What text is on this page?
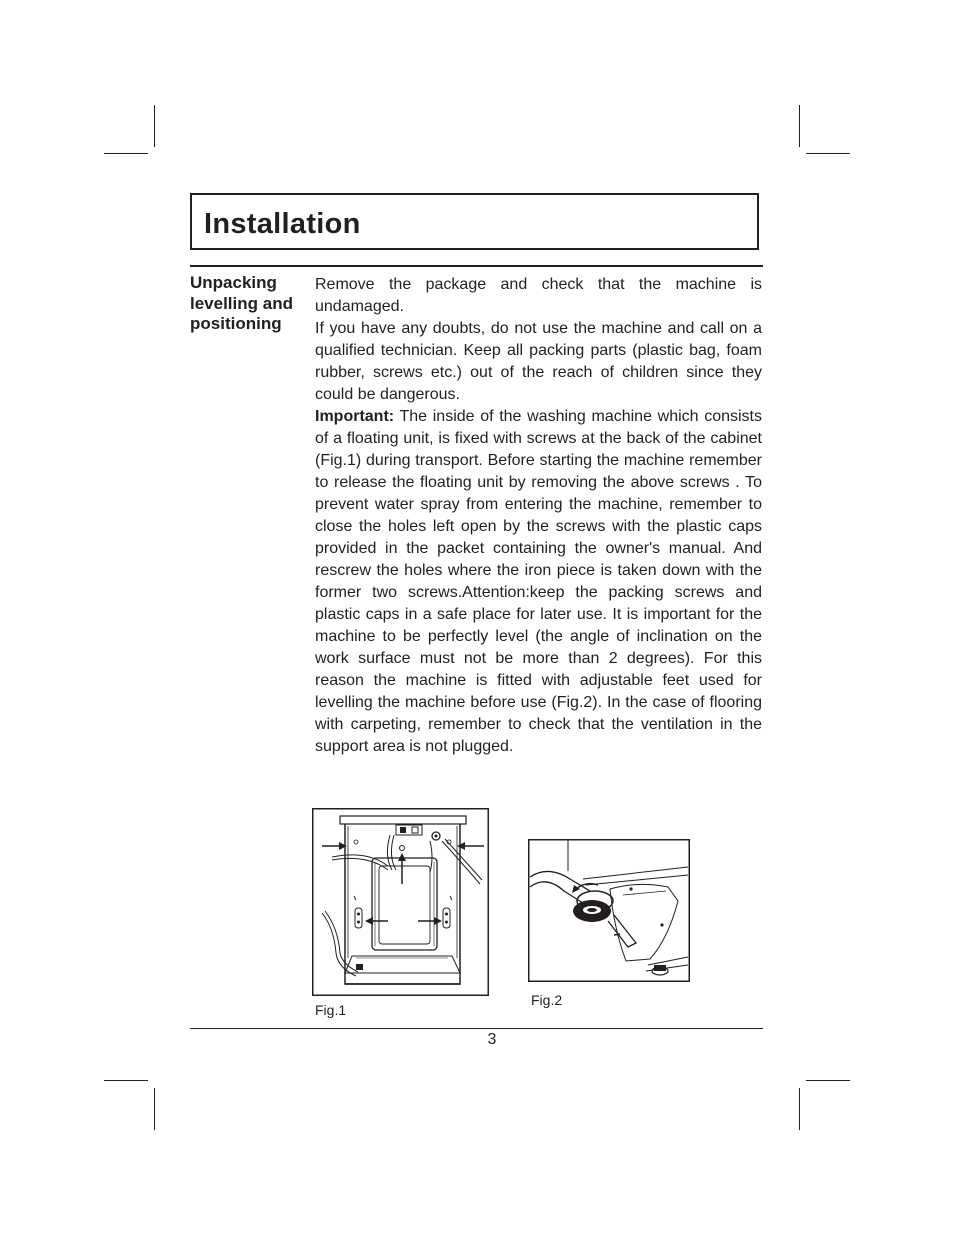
Installation
Unpacking
levelling and
positioning

Remove the package and check that the machine is undamaged.

If you have any doubts, do not use the machine and call on a qualified technician. Keep all packing parts (plastic bag, foam rubber, screws etc.) out of the reach of children since they could be dangerous.

Important: The inside of the washing machine which consists of a floating unit, is fixed with screws at the back of the cabinet (Fig.1) during transport. Before starting the machine remember to release the floating unit by removing the above screws . To prevent water spray from entering the machine, remember to close the holes left open by the screws with the plastic caps provided in the packet containing the owner's manual. And rescrew the holes where the iron piece is taken down with the former two screws.Attention:keep the packing screws and plastic caps in a safe place for later use. It is important for the machine to be perfectly level (the angle of inclination on the work surface must not be more than 2 degrees). For this reason the machine is fitted with adjustable feet used for levelling the machine before use (Fig.2). In the case of flooring with carpeting, remember to check that the ventilation in the support area is not plugged.

Fig.1
Fig.2
3
